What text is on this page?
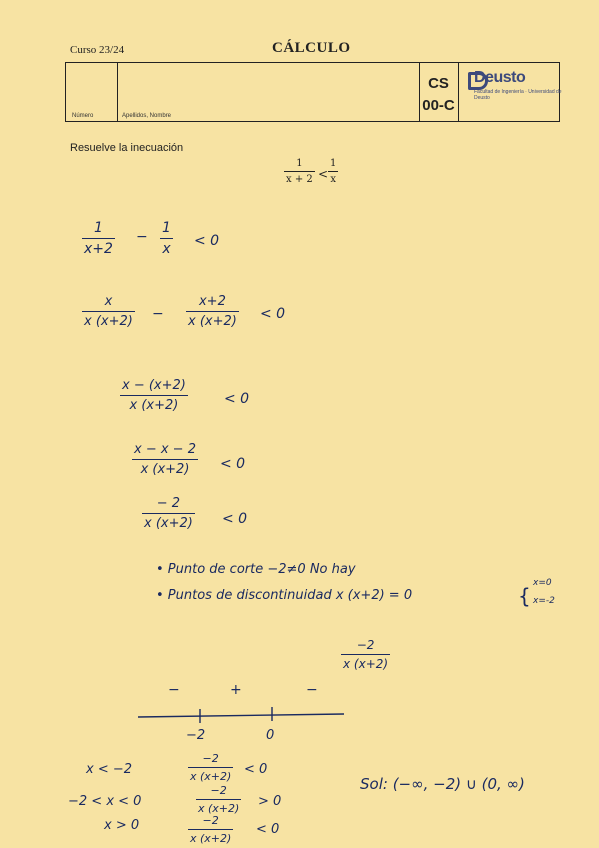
Curso 23/24	CÁLCULO
Número	Apellidos, Nombre
CS
00-C
Deusto
Facultad de Ingeniería · Universidad de Deusto
Resuelve la inecuación
1
x + 2 <
1
x
1
x+2
−
1
x < 0
x
x (x+2) −
x+2
x (x+2) < 0
x − (x+2)
x (x+2)	< 0
x − x − 2
x (x+2) < 0
− 2
x (x+2) < 0
• Punto de corte −2≠0 No hay
• Puntos de discontinuidad x (x+2) = 0	{
x=0
x=-2
−2
x (x+2)
−	+	−
−2	0
x < −2
−2
x (x+2) < 0
−2 < x < 0
−2
x (x+2) > 0
x > 0	−2
x (x+2)
< 0
Sol: (−∞, −2) ∪ (0, ∞)
